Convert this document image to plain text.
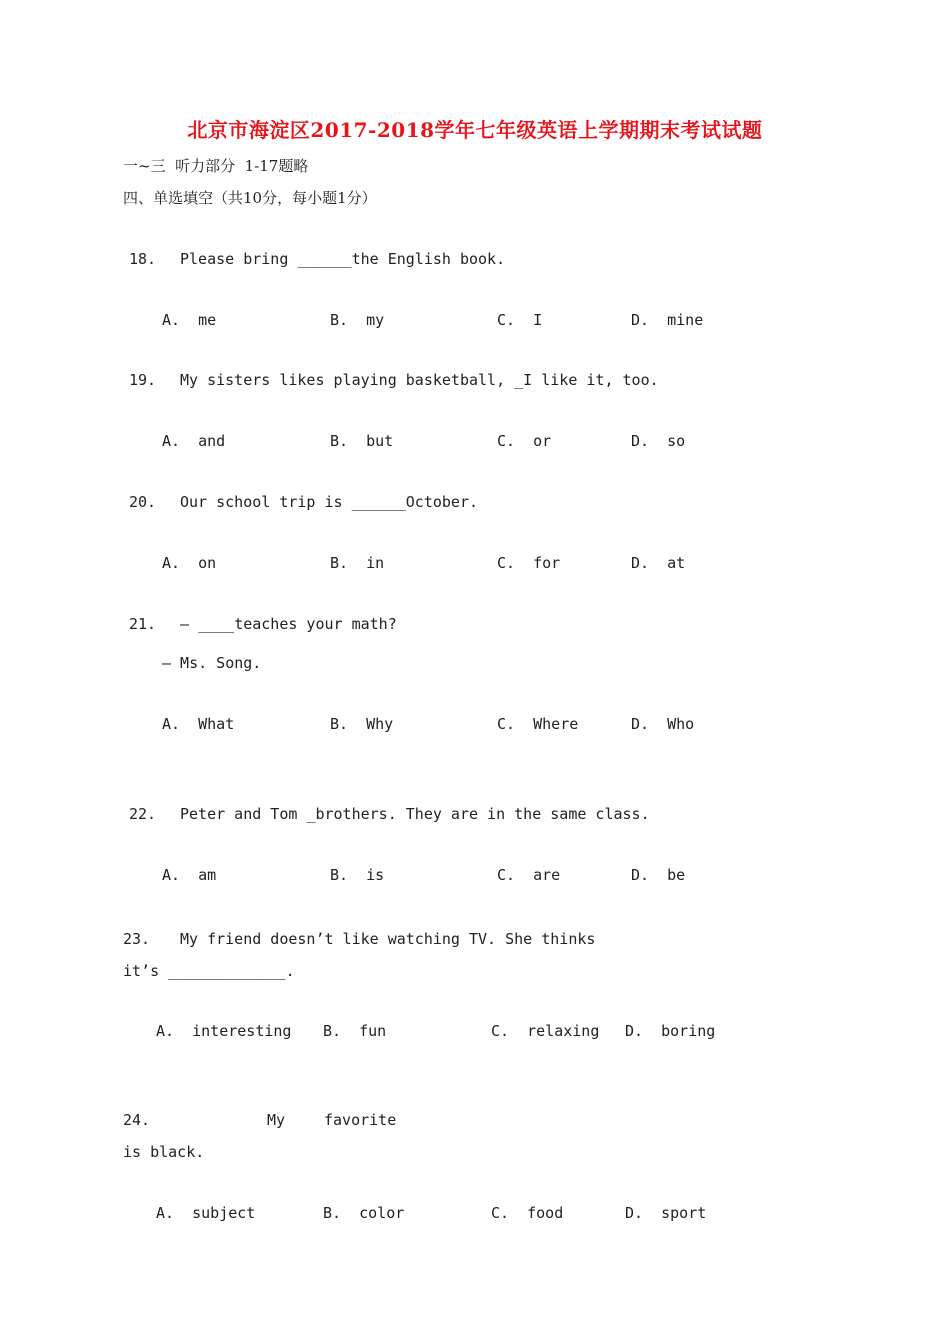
北京市海淀区2017-2018学年七年级英语上学期期末考试试题
一~三  听力部分  1-17题略
四、单选填空（共10分，每小题1分）
18. Please bring ______the English book.
A.  me	B.  my	C.  I	D.  mine
19. My sisters likes playing basketball, _I like it, too.
A.  and	B.  but	C.  or	D.  so
20. Our school trip is ______October.
A.  on	B.  in	C.  for	D.  at
21. — ____teaches your math?
— Ms. Song.
A.  What	B.  Why	C.  Where	D.  Who
22. Peter and Tom _brothers. They are in the same class.
A.  am	B.  is	C.  are	D.  be
23. My friend doesn’t like watching TV. She thinks
it’s _____________.
A.  interesting B.  fun	C.  relaxing D.  boring
24.	My	favorite
is black.
A.  subject	B.  color	C.  food	D.  sport
